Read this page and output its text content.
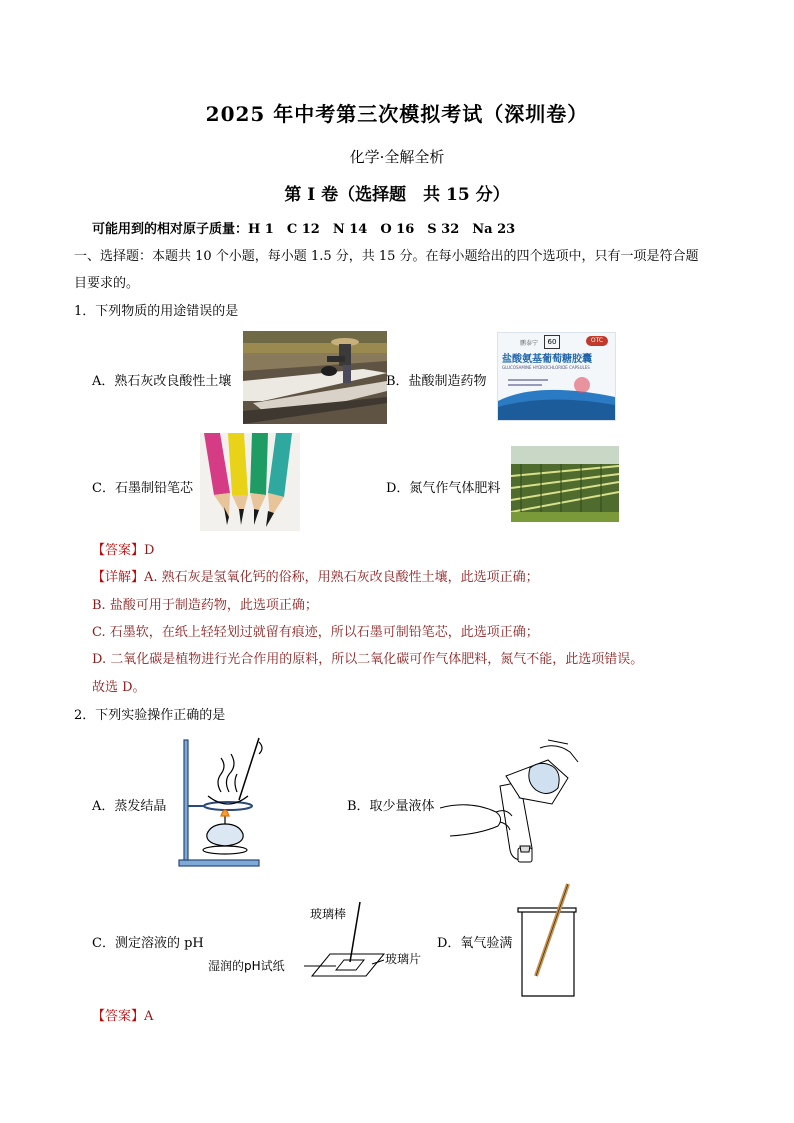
2025 年中考第三次模拟考试（深圳卷）
化学·全解全析
第 I 卷（选择题　共 15 分）
可能用到的相对原子质量：H 1　C 12　N 14　O 16　S 32　Na 23
一、选择题：本题共 10 个小题，每小题 1.5 分，共 15 分。在每小题给出的四个选项中，只有一项是符合题
目要求的。
1．下列物质的用途错误的是
A．熟石灰改良酸性土壤	B．盐酸制造药物
鹏泰宁	60	OTC
盐酸氨基葡萄糖胶囊
GLUCOSAMINE HYDROCHLORIDE CAPSULES
C．石墨制铅笔芯	D．氮气作气体肥料
【答案】D
【详解】A. 熟石灰是氢氧化钙的俗称，用熟石灰改良酸性土壤，此选项正确；
B. 盐酸可用于制造药物，此选项正确；
C. 石墨软，在纸上轻轻划过就留有痕迹，所以石墨可制铅笔芯，此选项正确；
D. 二氧化碳是植物进行光合作用的原料，所以二氧化碳可作气体肥料，氮气不能，此选项错误。
故选 D。
2．下列实验操作正确的是
A．蒸发结晶	B．取少量液体
玻璃棒
C．测定溶液的 pH
湿润的pH试纸	玻璃片
D．氧气验满
【答案】A
